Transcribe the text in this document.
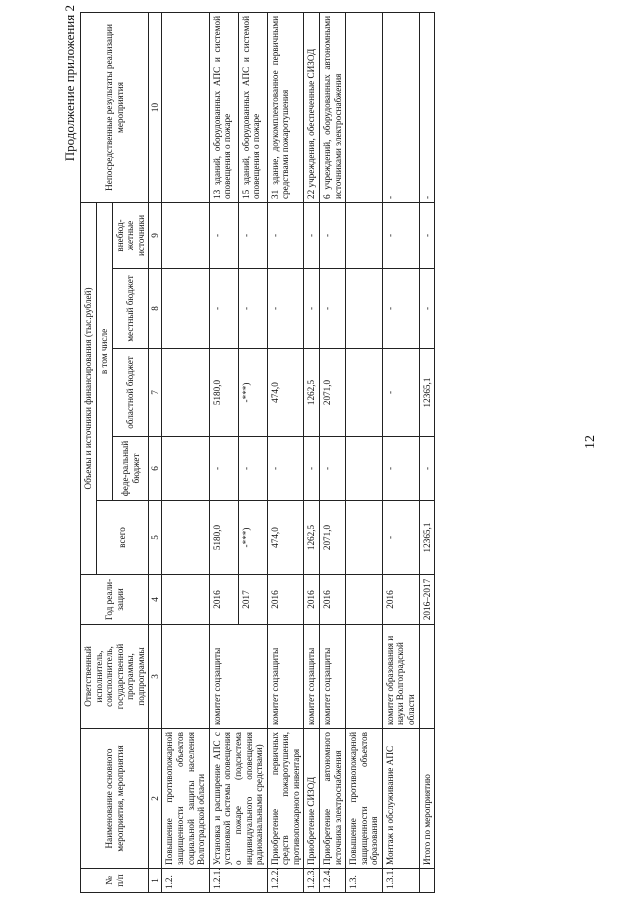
12
Продолжение приложения 2
№ п/п	Наименование основного мероприятия, мероприятия	Ответственный исполнитель, соисполнитель, государственной программы, подпрограммы	Год реали-зации	Объемы и источники финансирования (тыс.рублей)					Непосредственные результаты реализации мероприятия
				всего	в том числе				
					феде-ральный бюджет	областной бюджет	местный бюджет	внебюд-жетные источники	
1	2	3	4	5	6	7	8	9	10
1.2.	Повышение противопожарной защищенности объектов социальной защиты населения Волгоградской области								
1.2.1.	Установка и расширение АПС с установкой системы оповещения о пожаре (подсистема индивидуального оповещения радиоканальными средствами)	комитет соцзащиты	2016	5180,0	-	5180,0	-	-	13 зданий, оборудованных АПС и системой оповещения о пожаре
			2017	-***)	-	-***)	-	-	15 зданий, оборудованных АПС и системой оповещения о пожаре
1.2.2.	Приобретение первичных средств пожаротушения, противопожарного инвентаря	комитет соцзащиты	2016	474,0	-	474,0	-	-	31 здание, доукомплектованное первичными средствами пожаротушения
1.2.3.	Приобретение СИЗОД	комитет соцзащиты	2016	1262,5	-	1262,5	-	-	22 учреждения, обеспеченные СИЗОД
1.2.4.	Приобретение автономного источника электроснабжения	комитет соцзащиты	2016	2071,0	-	2071,0	-	-	6 учреждений, оборудованных автономными источниками электроснабжения
1.3.	Повышение противопожарной защищенности объектов образования								
1.3.1.	Монтаж и обслуживание АПС	комитет образования и науки Волгоградской области	2016	-	-	-	-	-	-
	Итого по мероприятию		2016–2017	12365,1	-	12365,1	-	-	-
